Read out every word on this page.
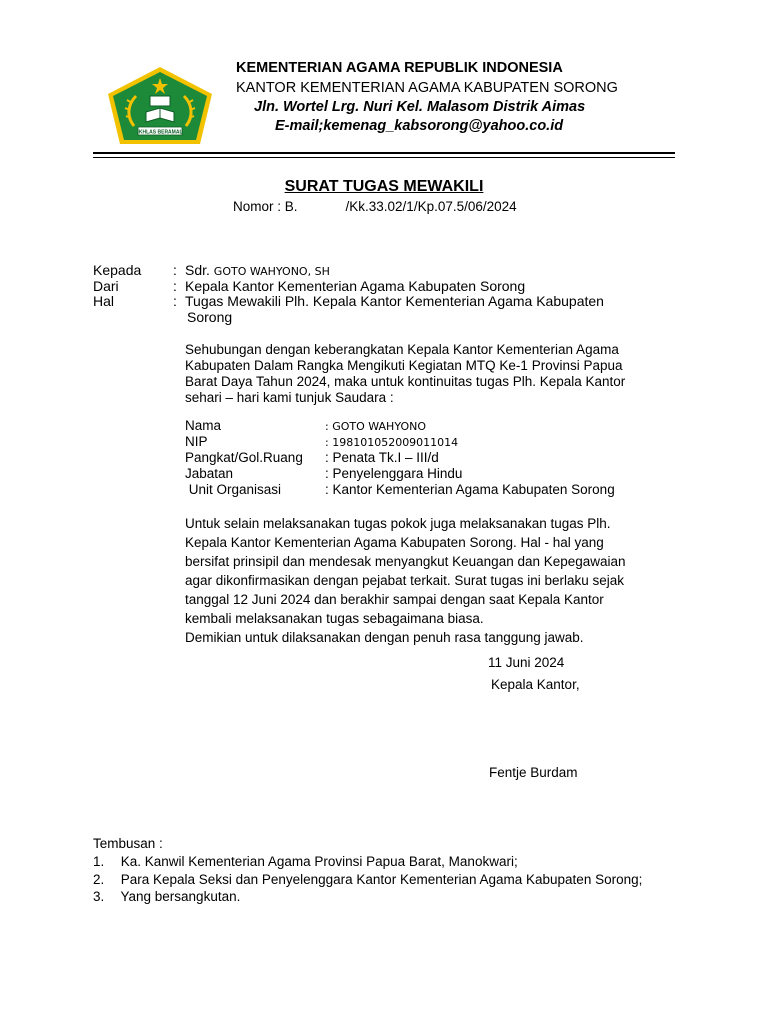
IKHLAS BERAMAL
KEMENTERIAN AGAMA REPUBLIK INDONESIA
KANTOR KEMENTERIAN AGAMA KABUPATEN SORONG
Jln. Wortel Lrg. Nuri Kel. Malasom Distrik Aimas
E-mail;kemenag_kabsorong@yahoo.co.id
SURAT TUGAS MEWAKILI
Nomor : B.	/Kk.33.02/1/Kp.07.5/06/2024
Kepada : Sdr. GOTO WAHYONO, SH
Dari	: Kepala Kantor Kementerian Agama Kabupaten Sorong
Hal	: Tugas Mewakili Plh. Kepala Kantor Kementerian Agama Kabupaten
Sorong
Sehubungan dengan keberangkatan Kepala Kantor Kementerian Agama
Kabupaten Dalam Rangka Mengikuti Kegiatan MTQ Ke-1 Provinsi Papua
Barat Daya Tahun 2024, maka untuk kontinuitas tugas Plh. Kepala Kantor
sehari – hari kami tunjuk Saudara :
Nama	: GOTO WAHYONO
NIP	: 198101052009011014
Pangkat/Gol.Ruang : Penata Tk.I – III/d
Jabatan	: Penyelenggara Hindu
Unit Organisasi	: Kantor Kementerian Agama Kabupaten Sorong
Untuk selain melaksanakan tugas pokok juga melaksanakan tugas Plh.
Kepala Kantor Kementerian Agama Kabupaten Sorong. Hal - hal yang
bersifat prinsipil dan mendesak menyangkut Keuangan dan Kepegawaian
agar dikonfirmasikan dengan pejabat terkait. Surat tugas ini berlaku sejak
tanggal 12 Juni 2024 dan berakhir sampai dengan saat Kepala Kantor
kembali melaksanakan tugas sebagaimana biasa.
Demikian untuk dilaksanakan dengan penuh rasa tanggung jawab.
11 Juni 2024
Kepala Kantor,
Fentje Burdam
Tembusan :
1. Ka. Kanwil Kementerian Agama Provinsi Papua Barat, Manokwari;
2. Para Kepala Seksi dan Penyelenggara Kantor Kementerian Agama Kabupaten Sorong;
3. Yang bersangkutan.
